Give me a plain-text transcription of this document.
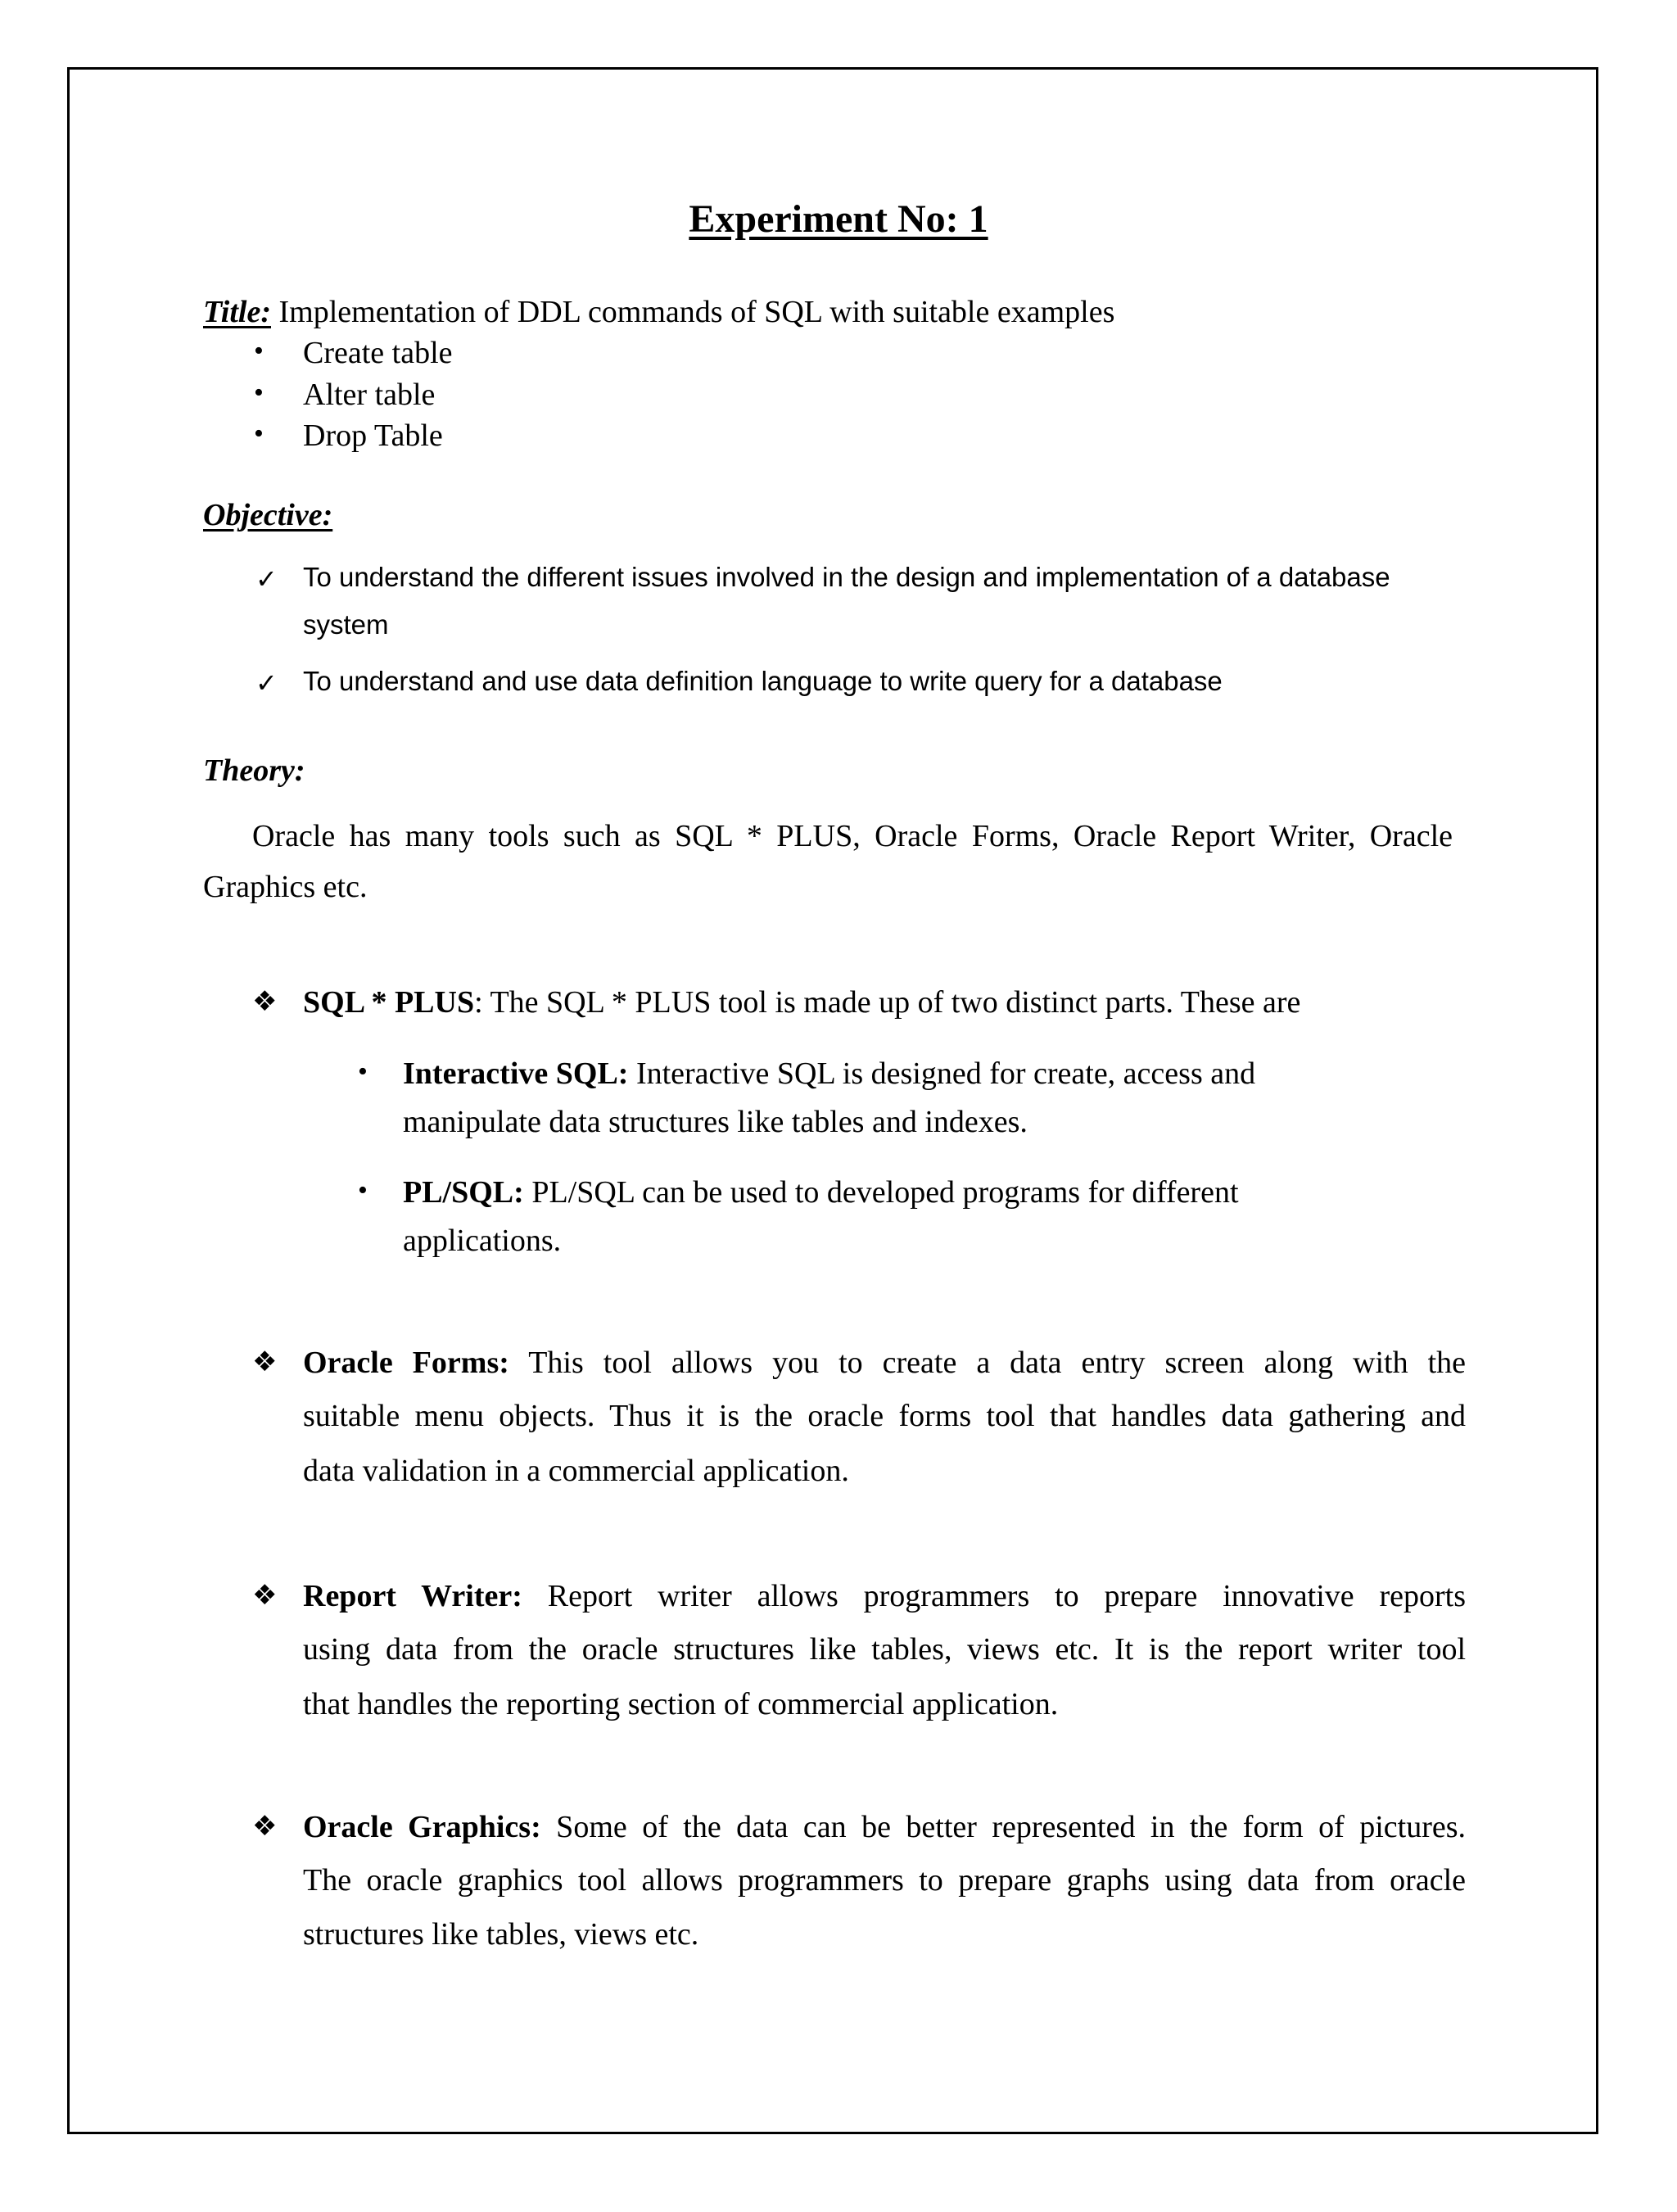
Experiment No: 1
Title: Implementation of DDL commands of SQL with suitable examples
• Create table
• Alter table
• Drop Table
Objective:
✓ To understand the different issues involved in the design and implementation of a database
system
✓ To understand and use data definition language to write query for a database
Theory:
Oracle has many tools such as SQL * PLUS, Oracle Forms, Oracle Report Writer, Oracle
Graphics etc.
❖ SQL * PLUS: The SQL * PLUS tool is made up of two distinct parts. These are
• Interactive SQL: Interactive SQL is designed for create, access and
manipulate data structures like tables and indexes.
• PL/SQL: PL/SQL can be used to developed programs for different
applications.
❖ Oracle Forms: This tool allows you to create a data entry screen along with the
suitable menu objects. Thus it is the oracle forms tool that handles data gathering and
data validation in a commercial application.
❖ Report Writer: Report writer allows programmers to prepare innovative reports
using data from the oracle structures like tables, views etc. It is the report writer tool
that handles the reporting section of commercial application.
❖ Oracle Graphics: Some of the data can be better represented in the form of pictures.
The oracle graphics tool allows programmers to prepare graphs using data from oracle
structures like tables, views etc.
